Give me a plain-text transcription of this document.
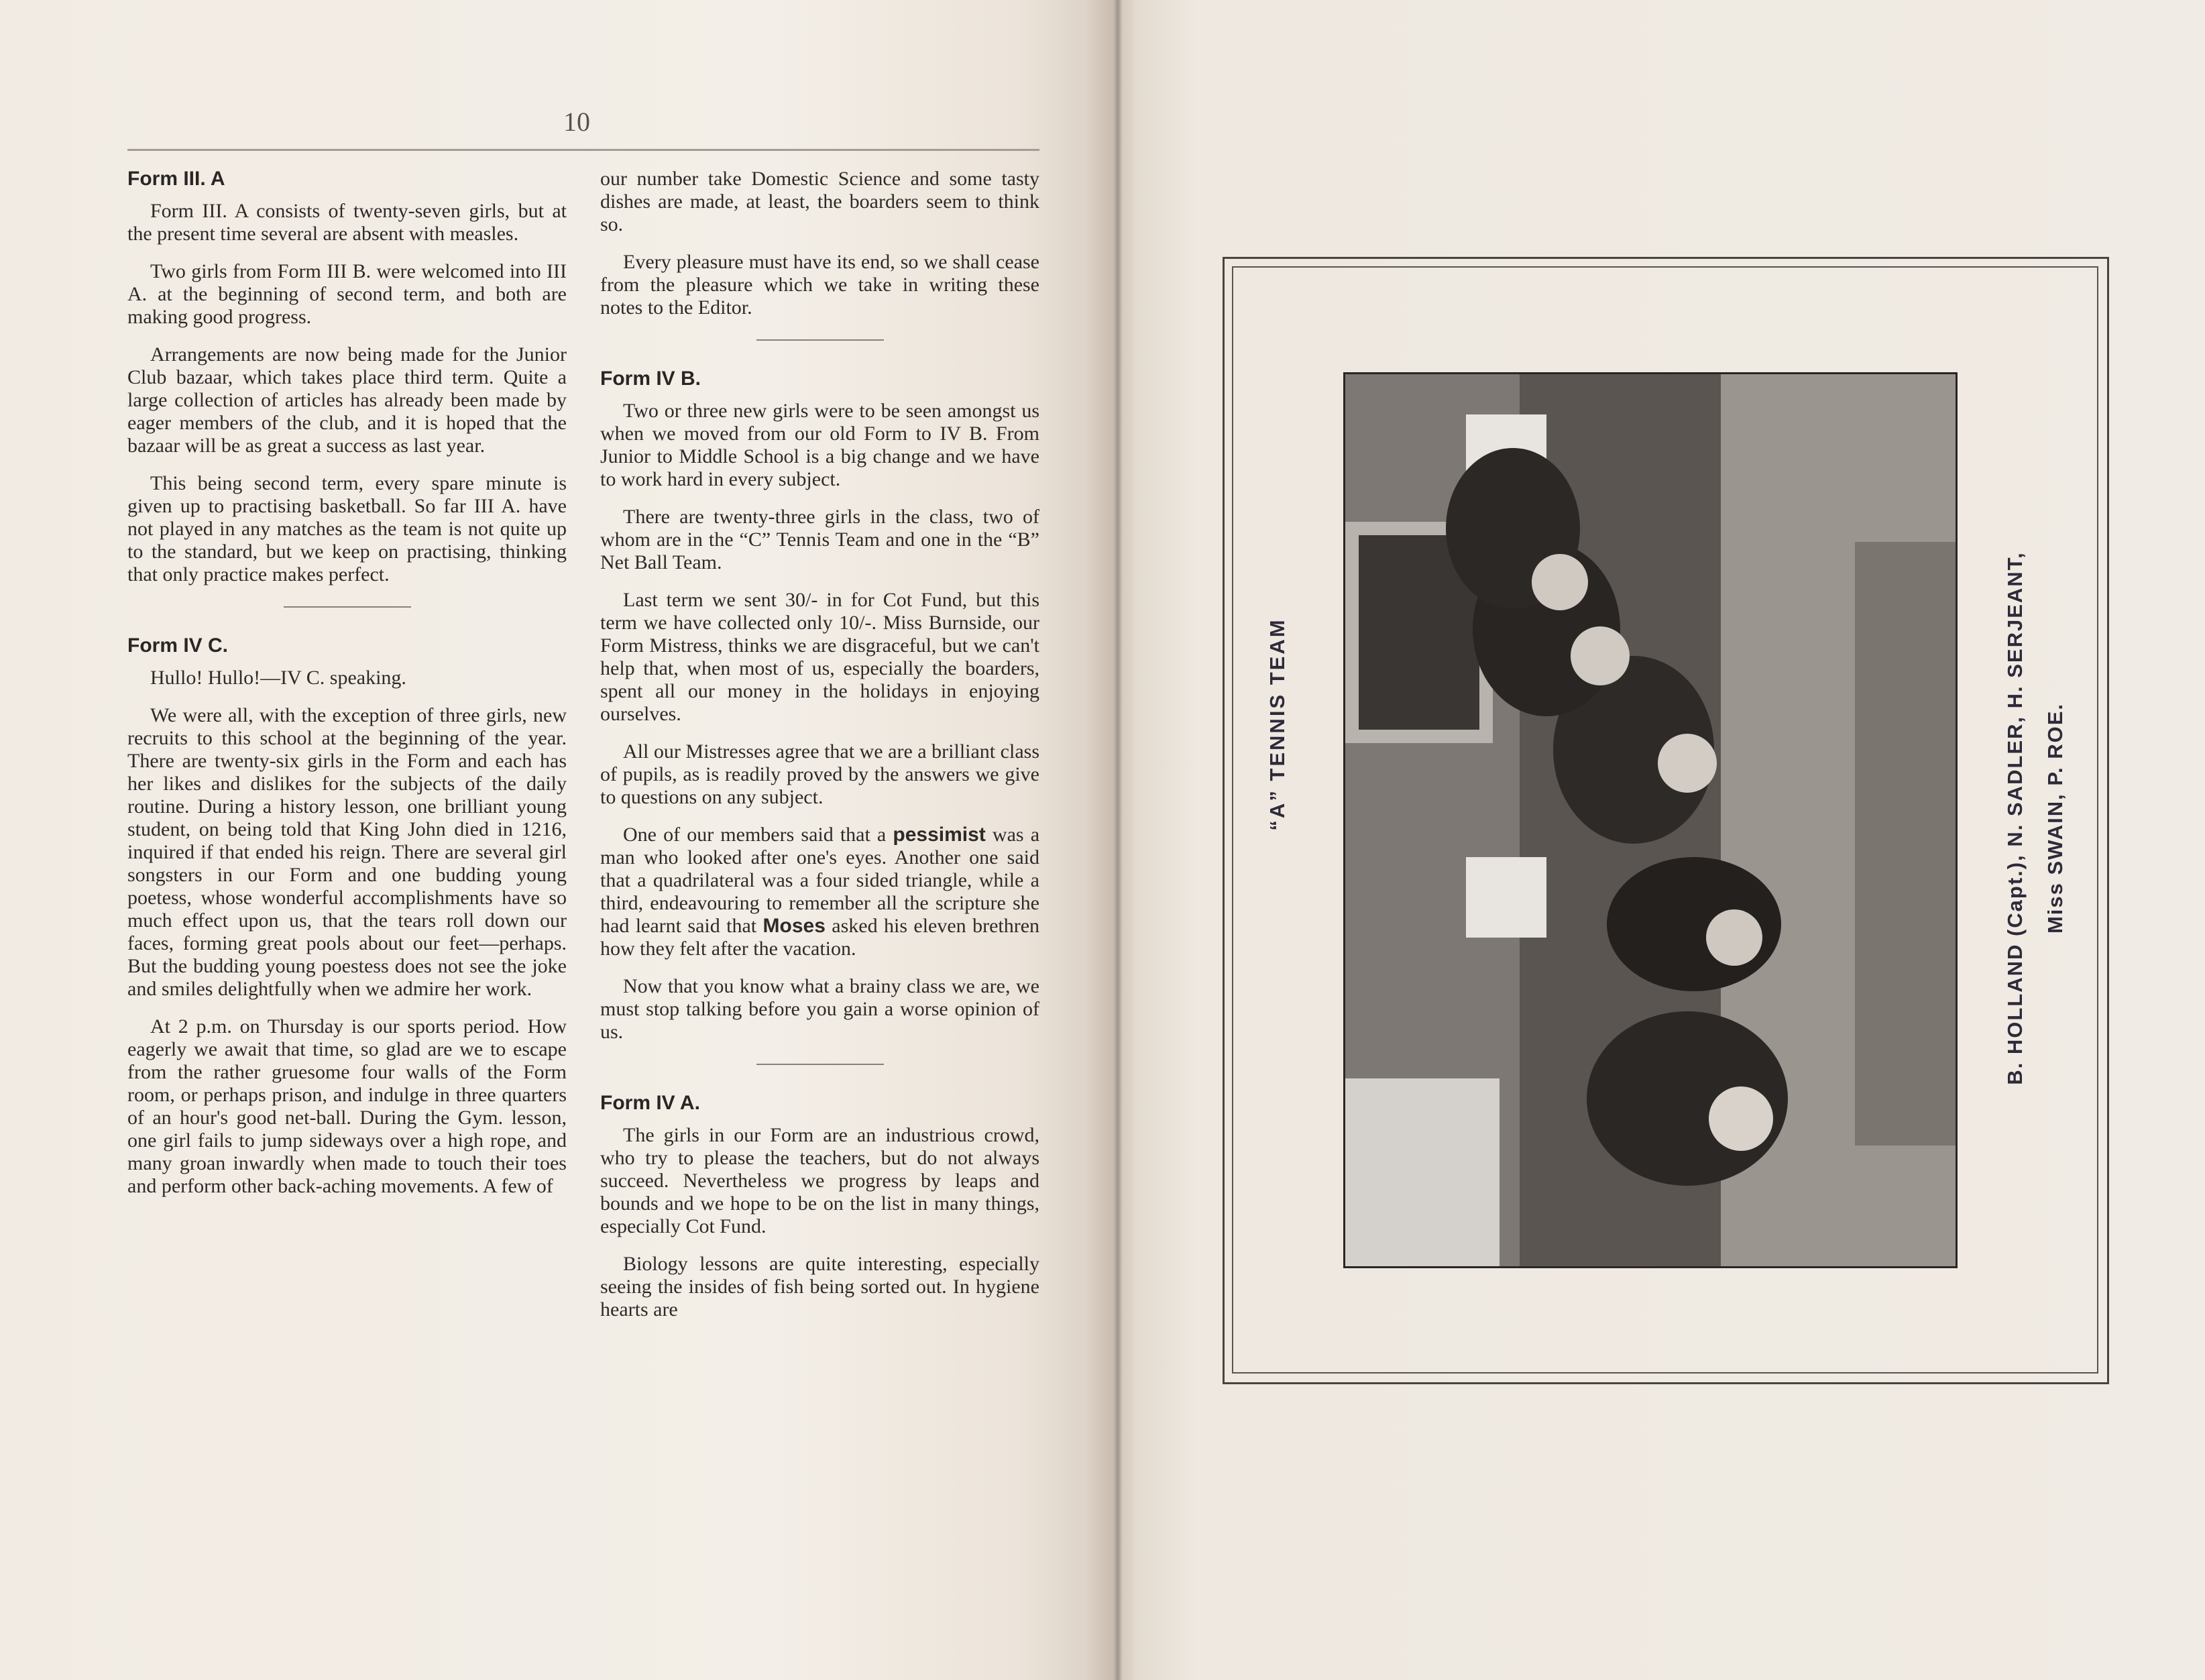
10
Form III. A

Form III. A consists of twenty-seven girls, but at the present time several are absent with measles.

Two girls from Form III B. were welcomed into III A. at the beginning of second term, and both are making good progress.

Arrangements are now being made for the Junior Club bazaar, which takes place third term. Quite a large collection of articles has already been made by eager members of the club, and it is hoped that the bazaar will be as great a success as last year.

This being second term, every spare minute is given up to practising basketball. So far III A. have not played in any matches as the team is not quite up to the standard, but we keep on practising, thinking that only practice makes perfect.

Form IV C.

Hullo! Hullo!—IV C. speaking.

We were all, with the exception of three girls, new recruits to this school at the beginning of the year. There are twenty-six girls in the Form and each has her likes and dislikes for the subjects of the daily routine. During a history lesson, one brilliant young student, on being told that King John died in 1216, inquired if that ended his reign. There are several girl songsters in our Form and one budding young poetess, whose wonderful accomplishments have so much effect upon us, that the tears roll down our faces, forming great pools about our feet—perhaps. But the budding young poestess does not see the joke and smiles delightfully when we admire her work.

At 2 p.m. on Thursday is our sports period. How eagerly we await that time, so glad are we to escape from the rather gruesome four walls of the Form room, or perhaps prison, and indulge in three quarters of an hour's good net-ball. During the Gym. lesson, one girl fails to jump sideways over a high rope, and many groan inwardly when made to touch their toes and perform other back-aching movements. A few of

our number take Domestic Science and some tasty dishes are made, at least, the boarders seem to think so.

Every pleasure must have its end, so we shall cease from the pleasure which we take in writing these notes to the Editor.

Form IV B.

Two or three new girls were to be seen amongst us when we moved from our old Form to IV B. From Junior to Middle School is a big change and we have to work hard in every subject.

There are twenty-three girls in the class, two of whom are in the “C” Tennis Team and one in the “B” Net Ball Team.

Last term we sent 30/- in for Cot Fund, but this term we have collected only 10/-. Miss Burnside, our Form Mistress, thinks we are disgraceful, but we can't help that, when most of us, especially the boarders, spent all our money in the holidays in enjoying ourselves.

All our Mistresses agree that we are a brilliant class of pupils, as is readily proved by the answers we give to questions on any subject.

One of our members said that a pessimist was a man who looked after one's eyes. Another one said that a quadrilateral was a four sided triangle, while a third, endeavouring to remember all the scripture she had learnt said that Moses asked his eleven brethren how they felt after the vacation.

Now that you know what a brainy class we are, we must stop talking before you gain a worse opinion of us.

Form IV A.

The girls in our Form are an industrious crowd, who try to please the teachers, but do not always succeed. Nevertheless we progress by leaps and bounds and we hope to be on the list in many things, especially Cot Fund.

Biology lessons are quite interesting, especially seeing the insides of fish being sorted out. In hygiene hearts are

“A” TENNIS TEAM	B. HOLLAND (Capt.), N. SADLER, H. SERJEANT, Miss SWAIN, P. ROE.
